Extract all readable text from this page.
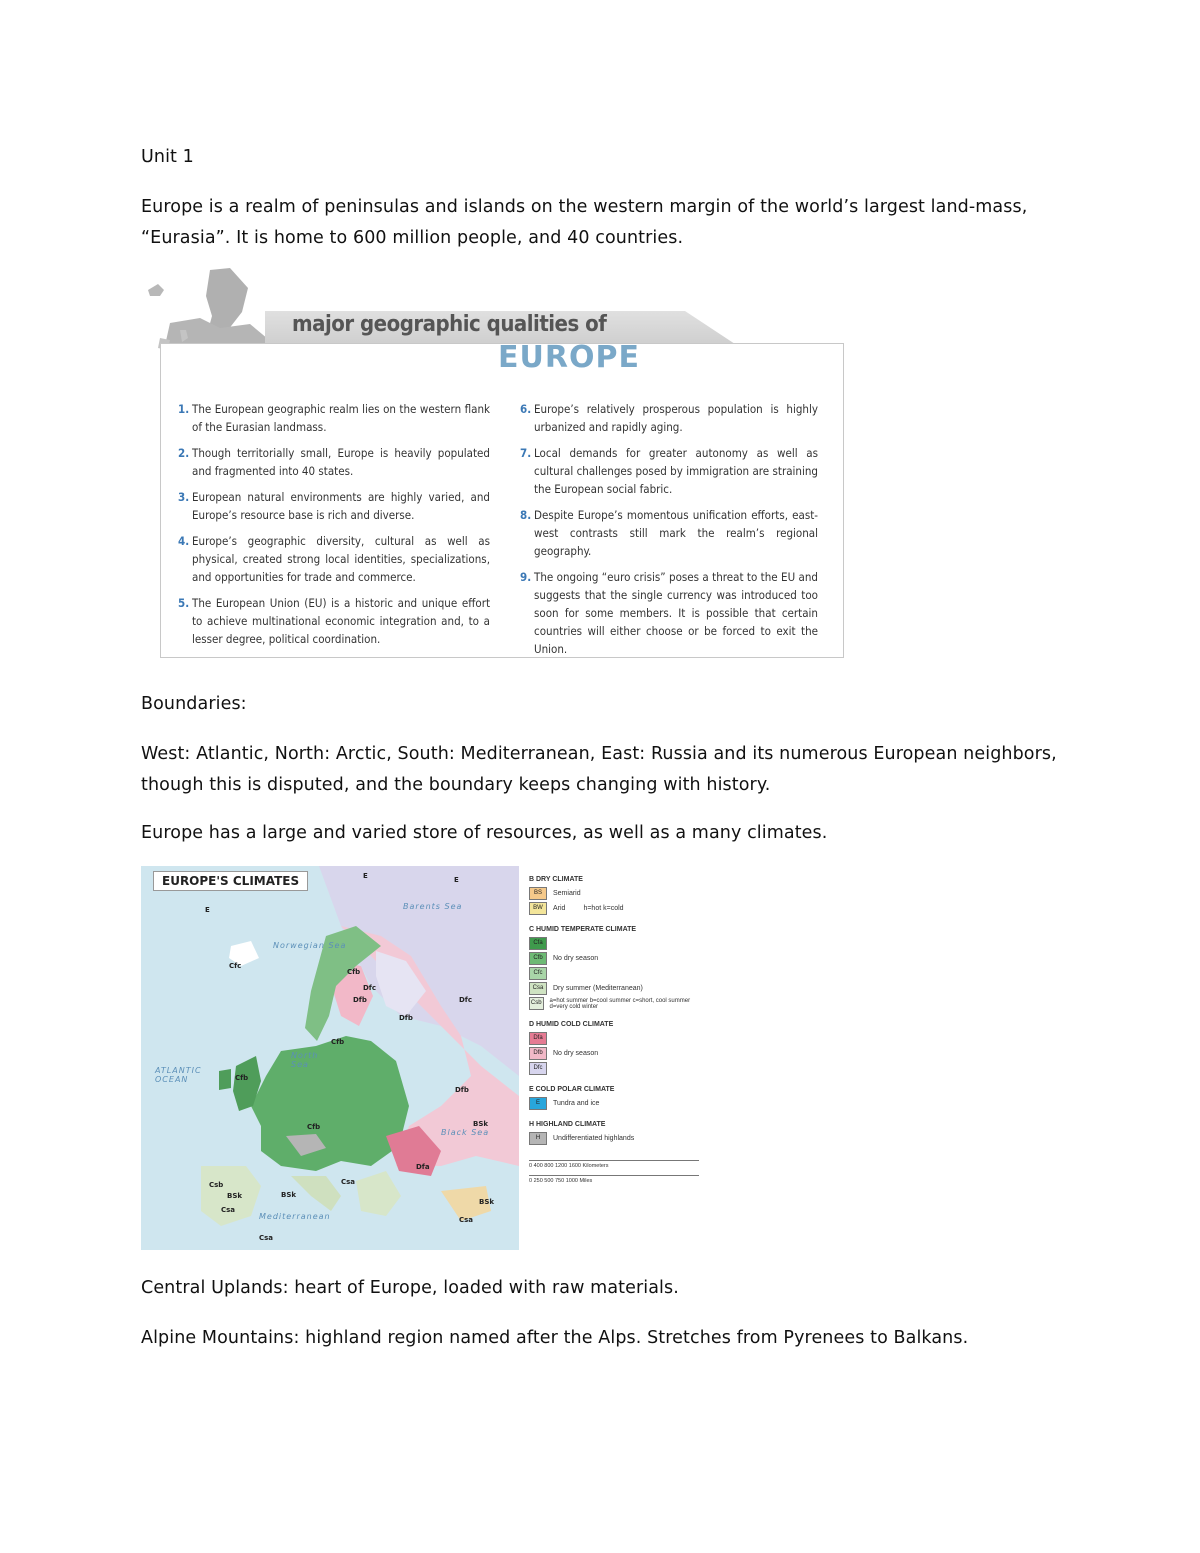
Unit 1

Europe is a realm of peninsulas and islands on the western margin of the world’s largest land-mass, “Eurasia”. It is home to 600 million people, and 40 countries.

major geographic qualities of
EUROPE
1. The European geographic realm lies on the western flank of the Eurasian landmass.
2. Though territorially small, Europe is heavily populated and fragmented into 40 states.
3. European natural environments are highly varied, and Europe’s resource base is rich and diverse.
4. Europe’s geographic diversity, cultural as well as physical, created strong local identities, specializations, and opportunities for trade and commerce.
5. The European Union (EU) is a historic and unique effort to achieve multinational economic integration and, to a lesser degree, political coordination.
6. Europe’s relatively prosperous population is highly urbanized and rapidly aging.
7. Local demands for greater autonomy as well as cultural challenges posed by immigration are straining the European social fabric.
8. Despite Europe’s momentous unification efforts, east-west contrasts still mark the realm’s regional geography.
9. The ongoing “euro crisis” poses a threat to the EU and suggests that the single currency was introduced too soon for some members. It is possible that certain countries will either choose or be forced to exit the Union.

Boundaries:

West: Atlantic, North: Arctic, South: Mediterranean, East: Russia and its numerous European neighbors, though this is disputed, and the boundary keeps changing with history.

Europe has a large and varied store of resources, as well as a many climates.

EUROPE'S CLIMATES
ATLANTIC OCEAN
Norwegian Sea
Barents Sea
North Sea
Black Sea
Mediterranean
E
E	E
Cfc
Dfc
Cfb
Dfb
Dfb	Dfc
Cfb
Cfb
Cfb
Dfb
Dfa
BSk
BSk
Csa
Csa
Csb
Csa
BSk
Csa
BSk
B DRY CLIMATE
BS	Semiarid
BW	Arid	h=hot k=cold
C HUMID TEMPERATE CLIMATE
Cfa
Cfb	No dry season
Cfc
Csa	Dry summer (Mediterranean)
Csb	a=hot summer b=cool summer c=short, cool summer d=very cold winter
D HUMID COLD CLIMATE
Dfa
Dfb	No dry season
Dfc
E COLD POLAR CLIMATE
E	Tundra and ice
H HIGHLAND CLIMATE
H	Undifferentiated highlands
0 400 800 1200 1600 Kilometers
0 250 500 750 1000 Miles

Central Uplands: heart of Europe, loaded with raw materials.

Alpine Mountains: highland region named after the Alps. Stretches from Pyrenees to Balkans.
